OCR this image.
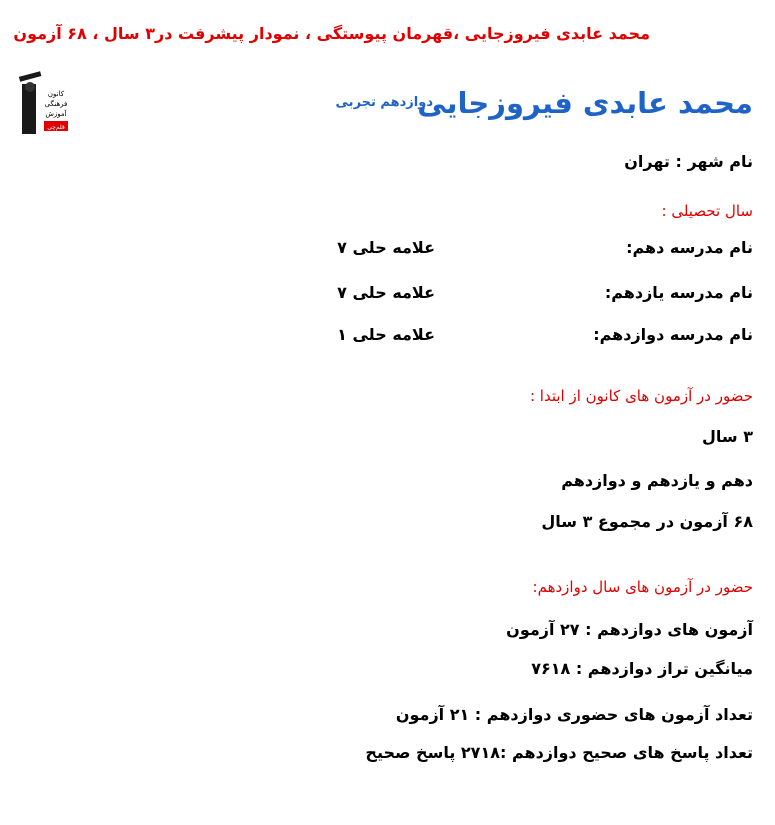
محمد عابدی فیروزجایی ،قهرمان پیوستگی ، نمودار پیشرفت در۳ سال ، ۶۸ آزمون
کانون
فرهنگی
آموزش
قلم‌چی
محمد عابدی فیروزجایی
دوازدهم تجربی
نام شهر : تهران
سال تحصیلی :
نام مدرسه دهم:
علامه حلی ۷
نام مدرسه یازدهم:
علامه حلی ۷
نام مدرسه دوازدهم:
علامه حلی ۱
حضور در آزمون های کانون از ابتدا :
۳ سال
دهم و یازدهم و دوازدهم
۶۸ آزمون در مجموع ۳ سال
حضور در آزمون های سال دوازدهم:
آزمون های دوازدهم : ۲۷ آزمون
میانگین تراز دوازدهم : ۷۶۱۸
تعداد آزمون های حضوری دوازدهم : ۲۱ آزمون
تعداد پاسخ های صحیح دوازدهم :۲۷۱۸ پاسخ صحیح
